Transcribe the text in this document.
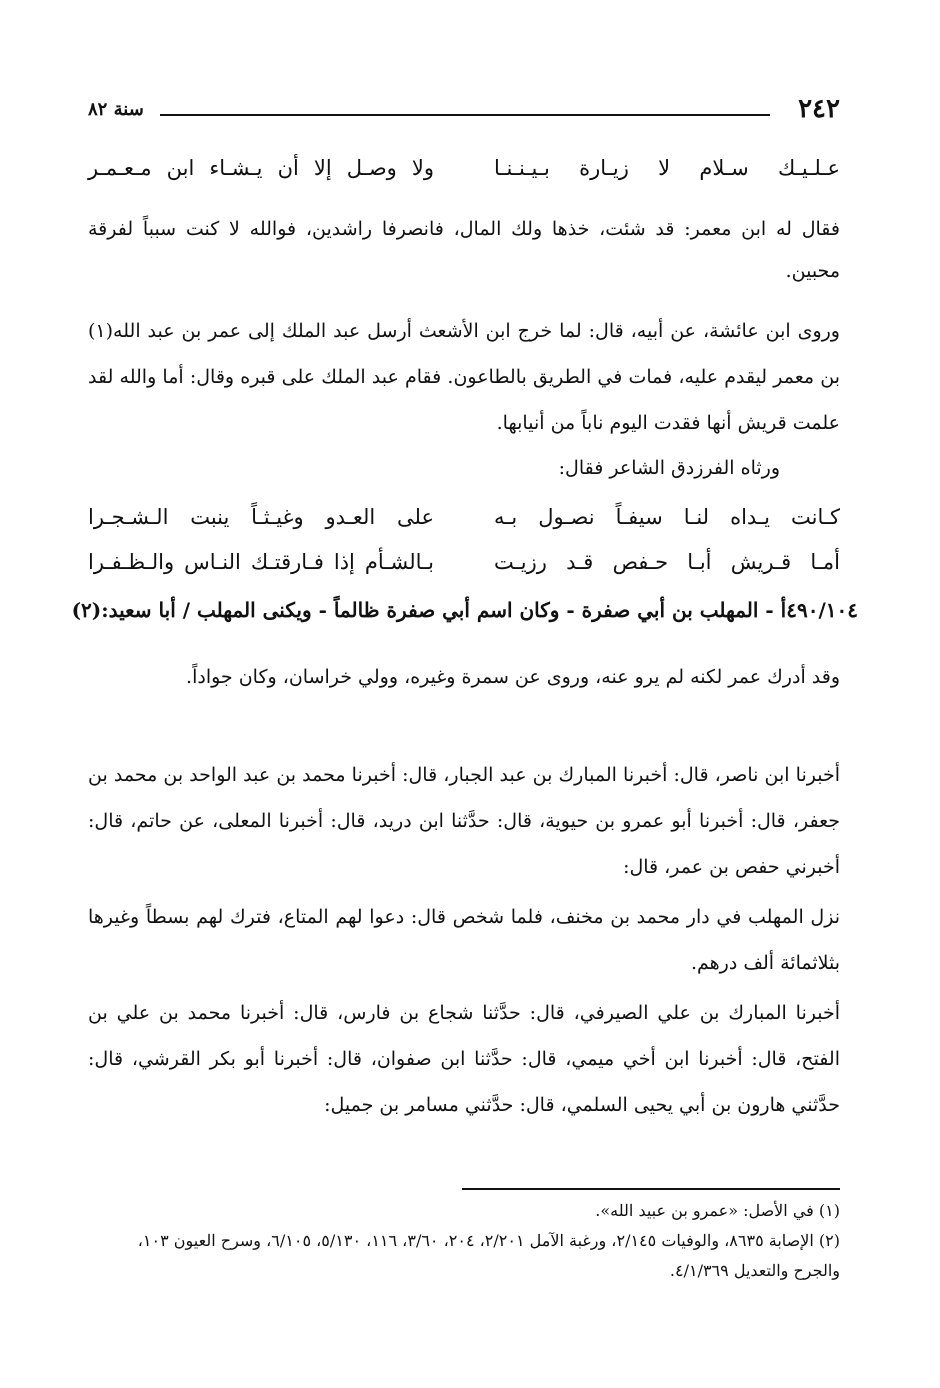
٢٤٢
سنة ٨٢
عـلـيـك سـلام لا زيـارة بـيـنـنـا
ولا وصـل إلا أن يـشـاء ابن مـعـمـر

فقال له ابن معمر: قد شئت، خذها ولك المال، فانصرفا راشدين، فوالله لا كنت سبباً لفرقة محبين.

وروى ابن عائشة، عن أبيه، قال: لما خرج ابن الأشعث أرسل عبد الملك إلى عمر بن عبد الله(١) بن معمر ليقدم عليه، فمات في الطريق بالطاعون. فقام عبد الملك على قبره وقال: أما والله لقد علمت قريش أنها فقدت اليوم ناباً من أنيابها.

ورثاه الفرزدق الشاعر فقال:

كـانت يـداه لنـا سيفـاً نصـول بـه
على العـدو وغيـثـاً ينبت الـشـجـرا
أمـا قـريش أبـا حـفص قـد رزيـت
بـالشـأم إذا فـارقتـك النـاس والـظـفـرا
٤٩٠/١٠٤أ - المهلب بن أبي صفرة - وكان اسم أبي صفرة ظالماً - ويكنى المهلب / أبا سعيد:(٢)

وقد أدرك عمر لكنه لم يرو عنه، وروى عن سمرة وغيره، وولي خراسان، وكان جواداً.

أخبرنا ابن ناصر، قال: أخبرنا المبارك بن عبد الجبار، قال: أخبرنا محمد بن عبد الواحد بن محمد بن جعفر، قال: أخبرنا أبو عمرو بن حيوية، قال: حدَّثنا ابن دريد، قال: أخبرنا المعلى، عن حاتم، قال: أخبرني حفص بن عمر، قال:

نزل المهلب في دار محمد بن مخنف، فلما شخص قال: دعوا لهم المتاع، فترك لهم بسطاً وغيرها بثلاثمائة ألف درهم.

أخبرنا المبارك بن علي الصيرفي، قال: حدَّثنا شجاع بن فارس، قال: أخبرنا محمد بن علي بن الفتح، قال: أخبرنا ابن أخي ميمي، قال: حدَّثنا ابن صفوان، قال: أخبرنا أبو بكر القرشي، قال: حدَّثني هارون بن أبي يحيى السلمي، قال: حدَّثني مسامر بن جميل:

(١) في الأصل: «عمرو بن عبيد الله».

(٢) الإصابة ٨٦٣٥، والوفيات ٢/١٤٥، ورغبة الآمل ٢/٢٠١، ٢٠٤، ٣/٦٠، ١١٦، ٥/١٣٠، ٦/١٠٥، وسرح العيون ١٠٣، والجرح والتعديل ٤/١/٣٦٩.
